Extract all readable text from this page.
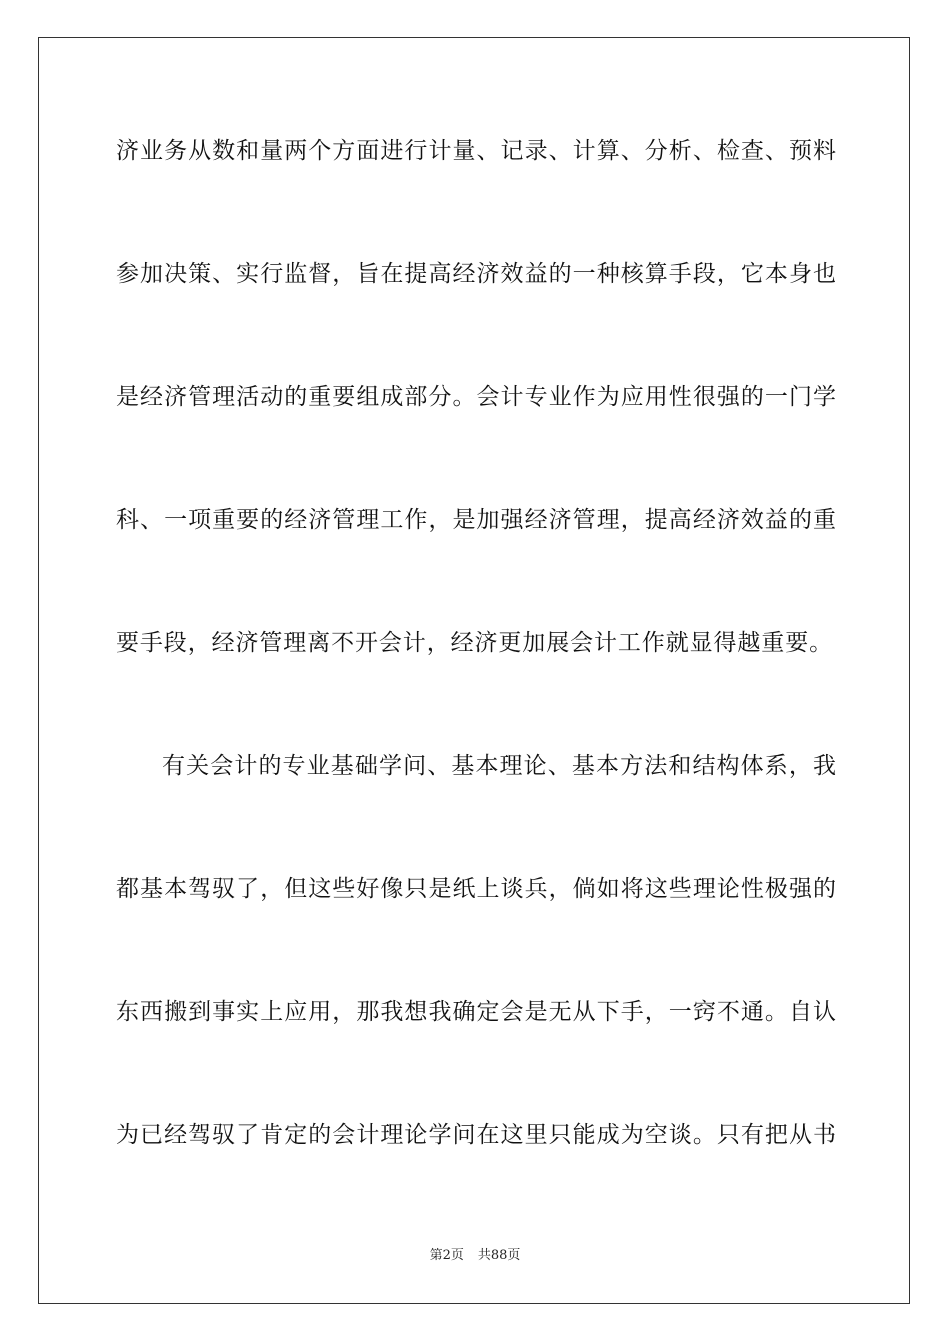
济业务从数和量两个方面进行计量、记录、计算、分析、检查、预料
参加决策、实行监督，旨在提高经济效益的一种核算手段，它本身也
是经济管理活动的重要组成部分。会计专业作为应用性很强的一门学
科、一项重要的经济管理工作，是加强经济管理，提高经济效益的重
要手段，经济管理离不开会计，经济更加展会计工作就显得越重要。
有关会计的专业基础学问、基本理论、基本方法和结构体系，我
都基本驾驭了，但这些好像只是纸上谈兵，倘如将这些理论性极强的
东西搬到事实上应用，那我想我确定会是无从下手，一窍不通。自认
为已经驾驭了肯定的会计理论学问在这里只能成为空谈。只有把从书
第2页 共88页
